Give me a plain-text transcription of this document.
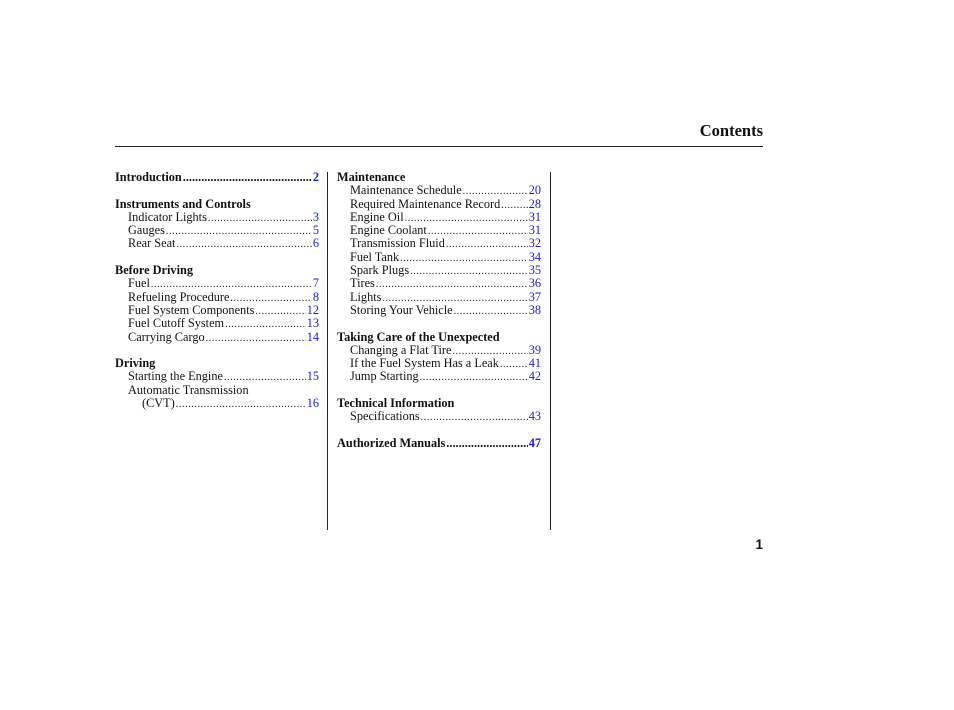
Contents
Introduction .....	2
Instruments and Controls
Indicator Lights .....	3
Gauges .....	5
Rear Seat .....	6
Before Driving
Fuel .....	7
Refueling Procedure .....	8
Fuel System Components .....	12
Fuel Cutoff System .....	13
Carrying Cargo .....	14
Driving
Starting the Engine .....	15
Automatic Transmission
(CVT) .....	16
Maintenance
Maintenance Schedule .....	20
Required Maintenance Record ..... 28
Engine Oil .....	31
Engine Coolant .....	31
Transmission Fluid .....	32
Fuel Tank .....	34
Spark Plugs .....	35
Tires .....	36
Lights .....	37
Storing Your Vehicle .....	38
Taking Care of the Unexpected
Changing a Flat Tire .....	39
If the Fuel System Has a Leak ..... 41
Jump Starting .....	42
Technical Information
Specifications .....	43
Authorized Manuals .....	47
1
